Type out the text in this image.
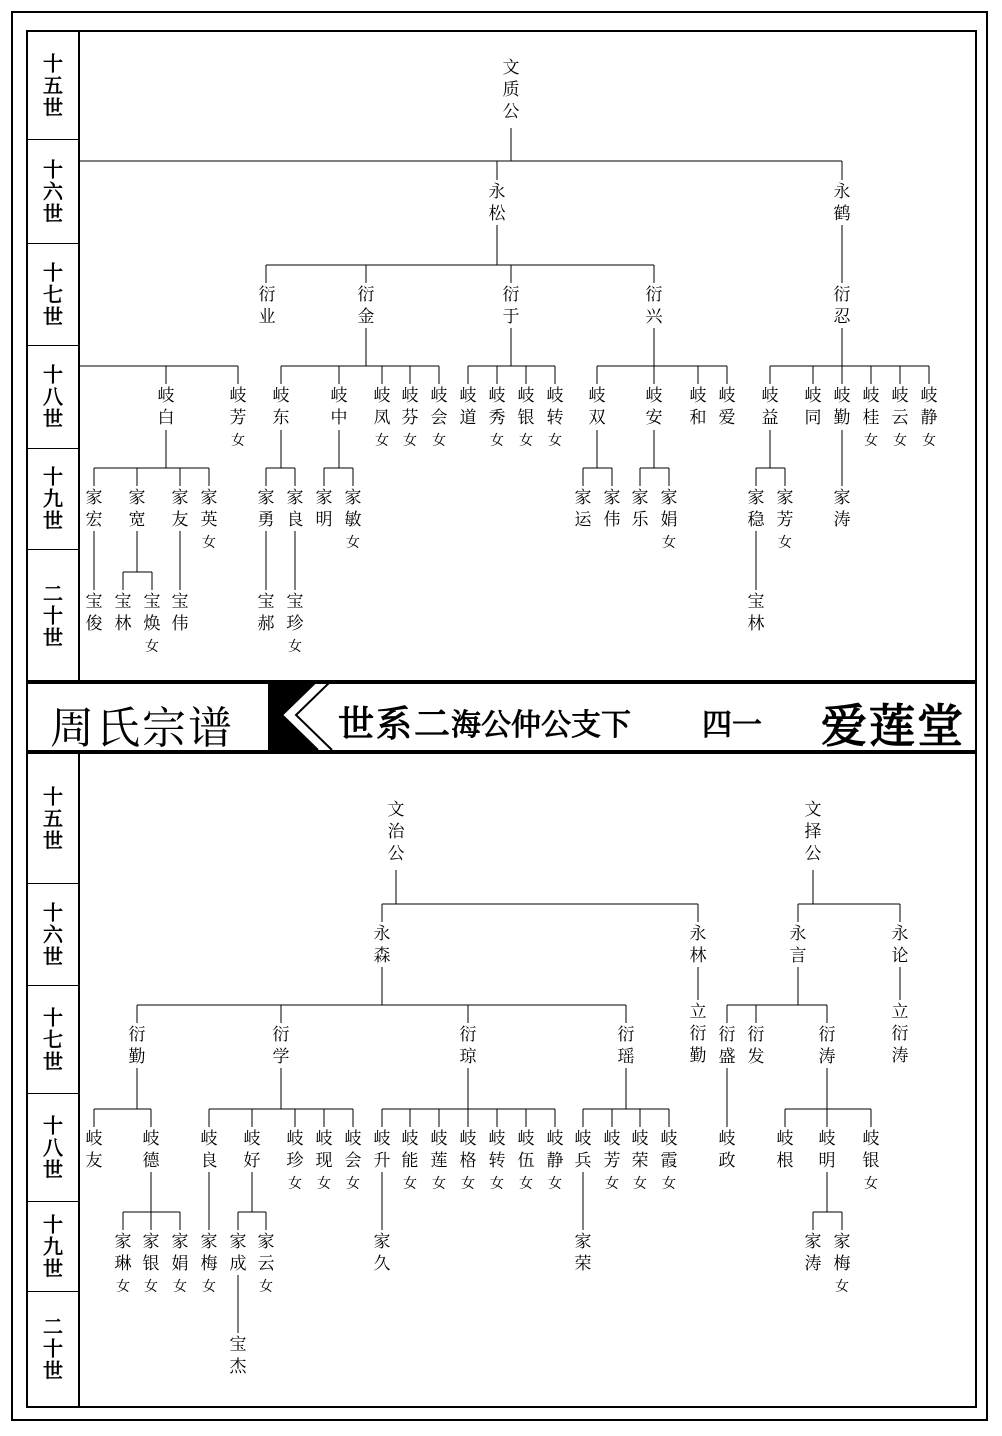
十五世
十六世
十七世
十八世
十九世
二十世
十五世
十六世
十七世
十八世
十九世
二十世
周氏宗谱	世系二
海公仲公支下 四一 爱莲堂
文
质
公
永
松
永
鹤
衍
业
衍
金
衍
于
衍
兴
衍
忍
岐
白
岐
芳
女
岐
东
岐
中
岐
凤
女
岐
芬
女
岐
会
女
岐
道
岐
秀
女
岐
银
女
岐
转
女
岐
双
岐
安
岐
和
岐
爱
岐
益
岐
同
岐
勤
岐
桂
女
岐
云
女
岐
静
女
家
宏
家
宽
家
友
家
英
女
家
勇
家
良
家
明
家
敏
女
家
运
家
伟
家
乐
家
娟
女
家
稳
家
芳
女
家
涛
宝
俊
宝
林
宝
焕
女
宝
伟
宝
郝
宝
珍
女
宝
林
文
治
公
文
择
公
永
森
永
林
永
言
永
论
衍
勤
衍
学
衍
琼
衍
瑶
立
衍
勤
衍
盛
衍
发
衍
涛
立
衍
涛
岐
友
岐
德
岐
良
岐
好
岐
珍
女
岐
现
女
岐
会
女
岐
升
岐
能
女
岐
莲
女
岐
格
女
岐
转
女
岐
伍
女
岐
静
女
岐
兵
岐
芳
女
岐
荣
女
岐
霞
女
岐
政
岐
根
岐
明
岐
银
女
家
琳
女
家
银
女
家
娟
女
家
梅
女
家
成
家
云
女
家
久
家
荣
家
涛
家
梅
女
宝
杰
